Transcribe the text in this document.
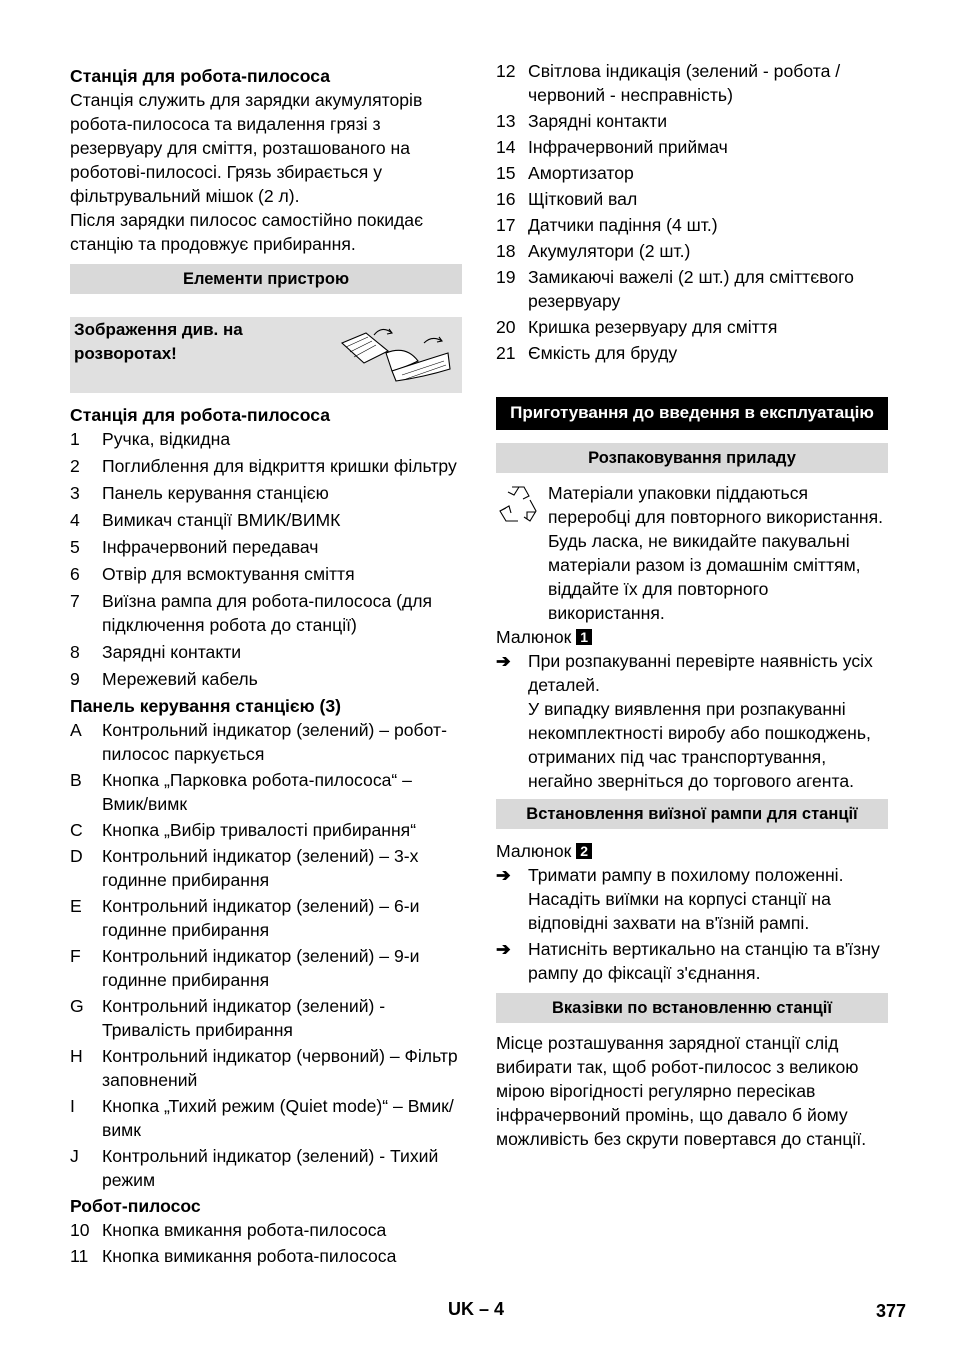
Станція для робота-пилососа
Станція служить для зарядки акумуляторів робота-пилососа та видалення грязі з резервуару для сміття, розташованого на роботові-пилососі. Грязь збирається у фільтрувальний мішок (2 л).
Після зарядки пилосос самостійно покидає станцію та продовжує прибирання.
Елементи пристрою
Зображення див. на розворотах!
Станція для робота-пилососа
1	Ручка, відкидна
2	Поглиблення для відкриття кришки фільтру
3	Панель керування станцією
4	Вимикач станції ВМИК/ВИМК
5	Інфрачервоний передавач
6	Отвір для всмоктування сміття
7	Виїзна рампа для робота-пилососа (для підключення робота до станції)
8	Зарядні контакти
9	Мережевий кабель
Панель керування станцією (3)
A	Контрольний індикатор (зелений) – робот-пилосос паркується
B	Кнопка „Парковка робота-пилососа“ – Вмик/вимк
C	Кнопка „Вибір тривалості прибирання“
D	Контрольний індикатор (зелений) – 3-х годинне прибирання
E	Контрольний індикатор (зелений) – 6-и годинне прибирання
F	Контрольний індикатор (зелений) – 9-и годинне прибирання
G	Контрольний індикатор (зелений) - Тривалість прибирання
H	Контрольний індикатор (червоний) – Фільтр заповнений
I	Кнопка „Тихий режим (Quiet mode)“ – Вмик/вимк
J	Контрольний індикатор (зелений) - Тихий режим
Робот-пилосос
10 Кнопка вмикання робота-пилососа
11 Кнопка вимикання робота-пилососа
12 Світлова індикація (зелений - робота / червоний - несправність)
13 Зарядні контакти
14 Інфрачервоний приймач
15 Амортизатор
16 Щітковий вал
17 Датчики падіння (4 шт.)
18 Акумулятори (2 шт.)
19 Замикаючі важелі (2 шт.) для сміттєвого резервуару
20 Кришка резервуару для сміття
21 Ємкість для бруду
Приготування до введення в експлуатацію
Розпаковування приладу
Матеріали упаковки піддаються переробці для повторного використання. Будь ласка, не викидайте пакувальні матеріали разом із домашнім сміттям, віддайте їх для повторного використання.
Малюнок 1
➔ При розпакуванні перевірте наявність усіх деталей.
У випадку виявлення при розпакуванні некомплектності виробу або пошкоджень, отриманих під час транспортування, негайно зверніться до торгового агента.
Встановлення виїзної рампи для станції
Малюнок 2
➔ Тримати рампу в похилому положенні. Насадіть виїмки на корпусі станції на відповідні захвати на в'їзній рампі.
➔ Натисніть вертикально на станцію та в'їзну рампу до фіксації з'єднання.
Вказівки по встановленню станції
Місце розташування зарядної станції слід вибирати так, щоб робот-пилосос з великою мірою вірогідності регулярно пересікав інфрачервоний промінь, що давало б йому можливість без скрути повертався до станції.
UK – 4	377
